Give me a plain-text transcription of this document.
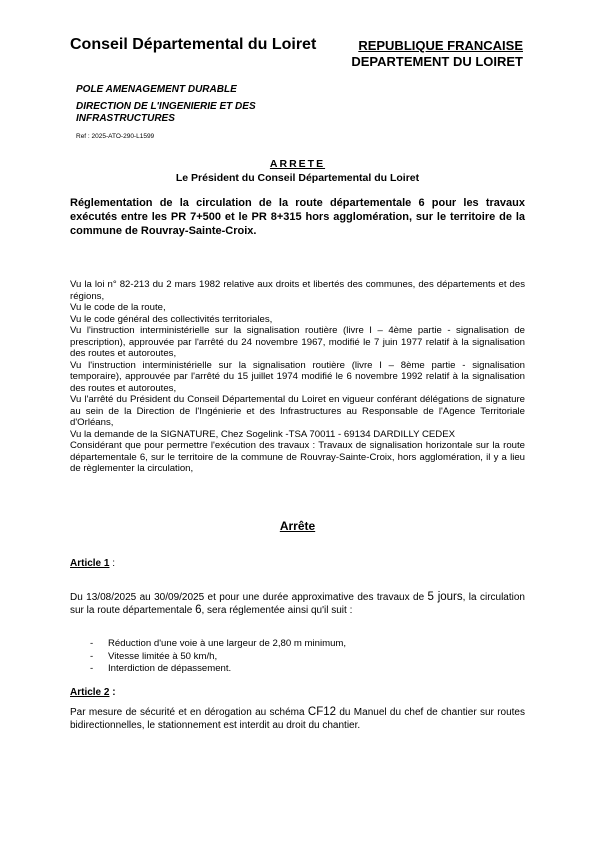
Conseil Départemental du Loiret	REPUBLIQUE FRANCAISE
DEPARTEMENT DU LOIRET
POLE AMENAGEMENT DURABLE
DIRECTION DE L'INGENIERIE ET DES INFRASTRUCTURES
Ref : 2025-ATO-290-L1599
ARRETE
Le Président du Conseil Départemental du Loiret
Réglementation de la circulation de la route départementale 6 pour les travaux exécutés entre les PR 7+500 et le PR 8+315 hors agglomération, sur le territoire de la commune de Rouvray-Sainte-Croix.

Vu la loi n° 82-213 du 2 mars 1982 relative aux droits et libertés des communes, des départements et des régions,

Vu le code de la route,

Vu le code général des collectivités territoriales,

Vu l'instruction interministérielle sur la signalisation routière (livre I – 4ème partie - signalisation de prescription), approuvée par l'arrêté du 24 novembre 1967, modifié le 7 juin 1977 relatif à la signalisation des routes et autoroutes,

Vu l'instruction interministérielle sur la signalisation routière (livre I – 8ème partie - signalisation temporaire), approuvée par l'arrêté du 15 juillet 1974 modifié le 6 novembre 1992 relatif à la signalisation des routes et autoroutes,

Vu l'arrêté du Président du Conseil Départemental du Loiret en vigueur conférant délégations de signature au sein de la Direction de l'Ingénierie et des Infrastructures au Responsable de l'Agence Territoriale d'Orléans,

Vu la demande de la SIGNATURE, Chez Sogelink -TSA 70011 - 69134 DARDILLY CEDEX

Considérant que pour permettre l'exécution des travaux : Travaux de signalisation horizontale sur la route départementale 6, sur le territoire de la commune de Rouvray-Sainte-Croix, hors agglomération, il y a lieu de règlementer la circulation,

Arrête
Article 1 :
Du 13/08/2025 au 30/09/2025 et pour une durée approximative des travaux de 5 jours, la circulation sur la route départementale 6, sera réglementée ainsi qu'il suit :
- Réduction d'une voie à une largeur de 2,80 m minimum,
- Vitesse limitée à 50 km/h,
- Interdiction de dépassement.
Article 2 :
Par mesure de sécurité et en dérogation au schéma CF12 du Manuel du chef de chantier sur routes bidirectionnelles, le stationnement est interdit au droit du chantier.
